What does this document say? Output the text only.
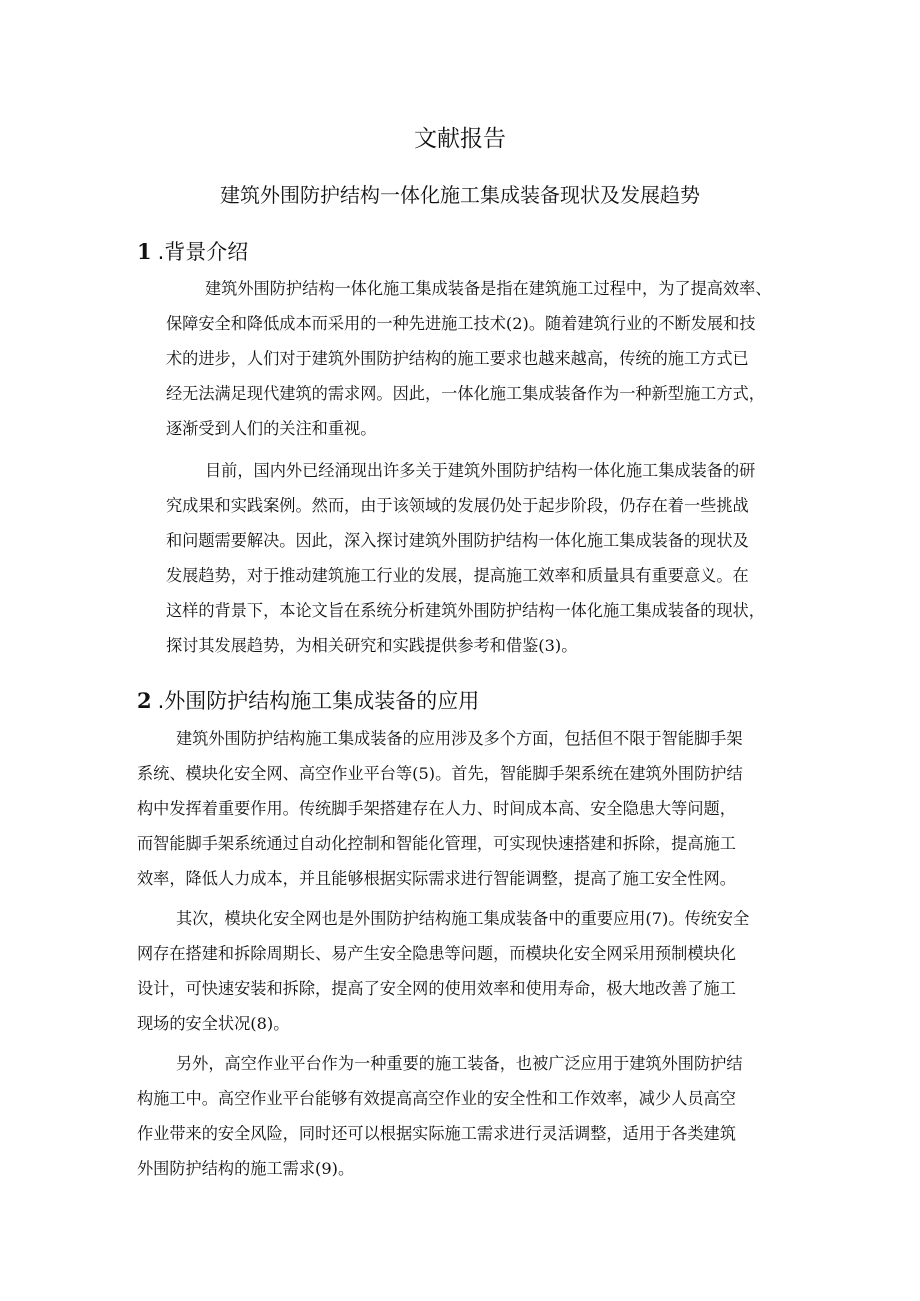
文献报告
建筑外围防护结构一体化施工集成装备现状及发展趋势
1 .背景介绍

建筑外围防护结构一体化施工集成装备是指在建筑施工过程中，为了提高效率、

保障安全和降低成本而采用的一种先进施工技术(2)。随着建筑行业的不断发展和技

术的进步，人们对于建筑外围防护结构的施工要求也越来越高，传统的施工方式已

经无法满足现代建筑的需求网。因此，一体化施工集成装备作为一种新型施工方式，

逐渐受到人们的关注和重视。

目前，国内外已经涌现出许多关于建筑外围防护结构一体化施工集成装备的研

究成果和实践案例。然而，由于该领域的发展仍处于起步阶段，仍存在着一些挑战

和问题需要解决。因此，深入探讨建筑外围防护结构一体化施工集成装备的现状及

发展趋势，对于推动建筑施工行业的发展，提高施工效率和质量具有重要意义。在

这样的背景下，本论文旨在系统分析建筑外围防护结构一体化施工集成装备的现状，

探讨其发展趋势，为相关研究和实践提供参考和借鉴(3)。

2 .外围防护结构施工集成装备的应用

建筑外围防护结构施工集成装备的应用涉及多个方面，包括但不限于智能脚手架

系统、模块化安全网、高空作业平台等(5)。首先，智能脚手架系统在建筑外围防护结

构中发挥着重要作用。传统脚手架搭建存在人力、时间成本高、安全隐患大等问题，

而智能脚手架系统通过自动化控制和智能化管理，可实现快速搭建和拆除，提高施工

效率，降低人力成本，并且能够根据实际需求进行智能调整，提高了施工安全性网。

其次，模块化安全网也是外围防护结构施工集成装备中的重要应用(7)。传统安全

网存在搭建和拆除周期长、易产生安全隐患等问题，而模块化安全网采用预制模块化

设计，可快速安装和拆除，提高了安全网的使用效率和使用寿命，极大地改善了施工

现场的安全状况(8)。

另外，高空作业平台作为一种重要的施工装备，也被广泛应用于建筑外围防护结

构施工中。高空作业平台能够有效提高高空作业的安全性和工作效率，减少人员高空

作业带来的安全风险，同时还可以根据实际施工需求进行灵活调整，适用于各类建筑

外围防护结构的施工需求(9)。
